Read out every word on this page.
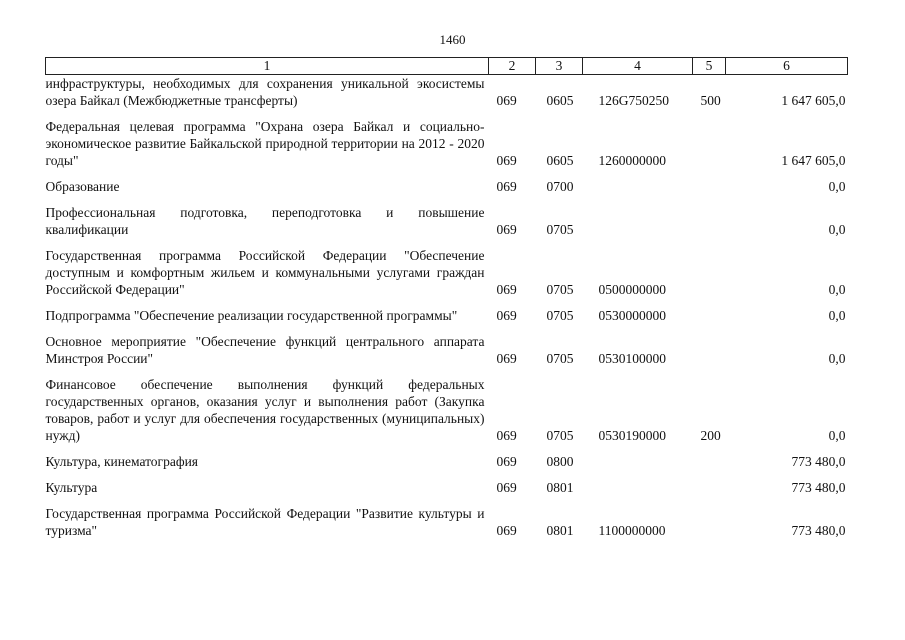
1460
1	2	3	4	5	6
инфраструктуры, необходимых для сохранения уникальной экосистемы озера Байкал (Межбюджетные трансферты)	069	0605	126G750250	500	1 647 605,0
Федеральная целевая программа "Охрана озера Байкал и социально-экономическое развитие Байкальской природной территории на 2012 - 2020 годы"	069	0605	1260000000		1 647 605,0
Образование	069	0700			0,0
Профессиональная подготовка, переподготовка и повышение квалификации	069	0705			0,0
Государственная программа Российской Федерации "Обеспечение доступным и комфортным жильем и коммунальными услугами граждан Российской Федерации"	069	0705	0500000000		0,0
Подпрограмма "Обеспечение реализации государственной программы"	069	0705	0530000000		0,0
Основное мероприятие "Обеспечение функций центрального аппарата Минстроя России"	069	0705	0530100000		0,0
Финансовое обеспечение выполнения функций федеральных государственных органов, оказания услуг и выполнения работ (Закупка товаров, работ и услуг для обеспечения государственных (муниципальных) нужд)	069	0705	0530190000	200	0,0
Культура, кинематография	069	0800			773 480,0
Культура	069	0801			773 480,0
Государственная программа Российской Федерации "Развитие культуры и туризма"	069	0801	1100000000		773 480,0
